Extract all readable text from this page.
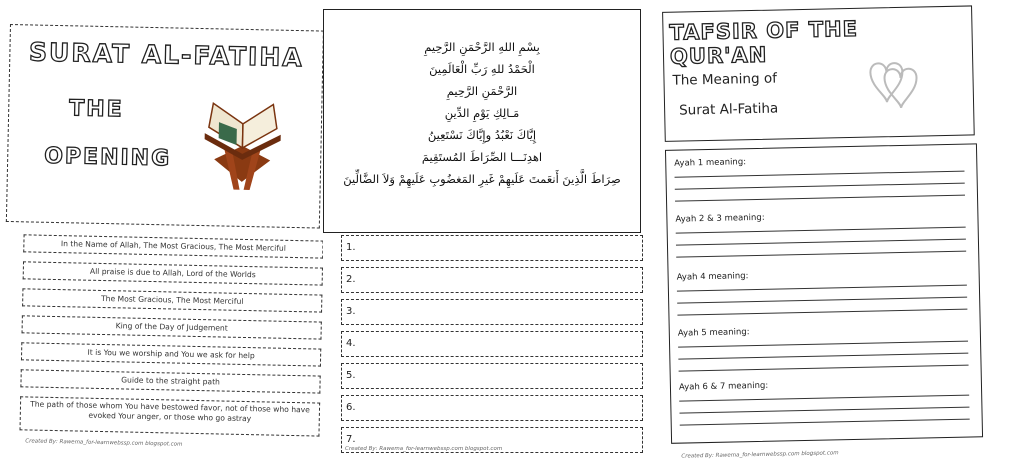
SURAT AL-FATIHA
THE
OPENING
In the Name of Allah, The Most Gracious, The Most Merciful
All praise is due to Allah, Lord of the Worlds
The Most Gracious, The Most Merciful
King of the Day of Judgement
It is You we worship and You we ask for help
Guide to the straight path
The path of those whom You have bestowed favor, not of those who have evoked Your anger, or those who go astray
Created By: Rawema_for-learnwebssp.com blogspot.com
بِسْمِ اللهِ الرَّحْمَنِ الرَّحِيمِ
الْحَمْدُ للهِ رَبِّ الْعَالَمِينَ
الرَّحْمَنِ الرَّحِيمِ
مَـالِكِ يَوْمِ الدِّينِ
إِيَّاكَ نَعْبُدُ وإِيَّاكَ نَسْتَعِينُ
اهدِنَـــا الصِّرَاطَ المُستَقِيمَ
صِرَاطَ الَّذِينَ أَنعَمتَ عَلَيهِمْ غَيرِ المَغضُوبِ عَلَيهِمْ وَلاَ الضَّالِّينَ
1.
2.
3.
4.
5.
6.
7.
Created By: Rawema_for-learnwebssp.com blogspot.com
TAFSIR OF THE QUR'AN
The Meaning of
Surat Al-Fatiha
Ayah 1 meaning:
Ayah 2 & 3 meaning:
Ayah 4 meaning:
Ayah 5 meaning:
Ayah 6 & 7 meaning:
Created By: Rawema_for-learnwebssp.com blogspot.com
